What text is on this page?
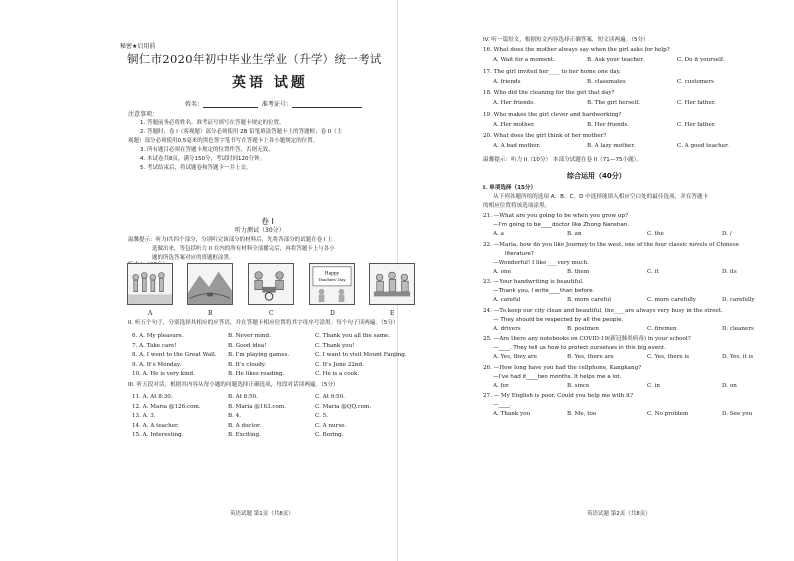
秘密★启用前
铜仁市2020年初中毕业生学业（升学）统一考试
英语 试题
姓名：	准考证号：
注意事项：
1. 答题前务必将姓名、准考证号填写在答题卡规定的位置。
2. 答题时，卷 I（客观题）部分必须使用 2B 铅笔填涂答题卡上的答题框；卷 II（主
观题）部分必须使用0.5毫米的黑色签字笔书写在答题卡上各小题规定的位置。
3. 所有题目必须在答题卡规定的位置作答，否则无效。
4. 本试卷共8页，满分150分，考试时间120分钟。
5. 考试结束后，将试题卷和答题卡一并上交。
卷 I
听力测试（30分）
温馨提示：听力I共四个部分，分别听完该部分的材料后，先将各部分的试题在卷 I 上
选做出来，等包括听力 II 在内的所有材料全部播完后，再将答题卡上与各小
题的所选答案对应的资题框涂黑。
Happy
Teachers' Day
A	B	C	D	E
英语试题 第1页（共8页）
II. 听五个句子，分别选择其相应的应答语，并在答题卡相应位置将其字母序号涂黑。每个句子读两遍。（5分）
6. A. My pleasure.	B. Never mind.	C. Thank you all the same.
7. A. Take care!	B. Good idea!	C. Thank you!
8. A. I went to the Great Wall. B. I'm playing games.	C. I want to visit Mount Fanjing.
9. A. It's Monday.	B. It's cloudy.	C. It's June 22nd.
10. A. He is very kind.	B. He likes reading.	C. He is a cook.
III. 听五段对话，根据其内容从每小题的问题选择正确选项，每段对话读两遍。（5分）
11. A. At 8:30.	B. At 8:50.	C. At 9:50.
12. A. Maria @126.com.	B. Maria @163.com.	C. Maria @QQ.com.
13. A. 3.	B. 4.	C. 5.
14. A. A teacher.	B. A doctor.	C. A nurse.
15. A. Interesting.	B. Exciting.	C. Boring.
IV. 听一篇短文，根据短文内容选择正确答案，短文读两遍。（5分）
16. What does the mother always say when the girl asks for help?
A. Wait for a moment.	B. Ask your teacher.	C. Do it yourself.
17. The girl invited her____ to her home one day.
A. friends	B. classmates	C. customers
18. Who did the cleaning for the girl that day?
A. Her friends.	B. The girl herself.	C. Her father.
19. Who makes the girl clever and hardworking?
A. Her mother.	B. Her friends.	C. Her father.
20. What does the girl think of her mother?
A. A bad mother.	B. A lazy mother.	C. A good teacher.
温馨提示：听力 II（10分） 本部分试题在卷 II（71—75小题）。
综合运用（40分）
I. 单项选择（15分）
从下列各题所给的选项 A、B、C、D 中选择能填入相应空白处的最佳选项，并在答题卡
的相应位置将该选项涂黑。
21. —What are you going to be when you grow up?
—I'm going to be____doctor like Zhong Nanshan.
A. a	B. an	C. the	D. /
22. —Maria, how do you like Journey to the west, one of the four classic novels of Chinese
literature?
—Wonderful! I like____very much.
A. one	B. them	C. it	D. its
23. —Your handwriting is beautiful.
—Thank you, I write____than before.
A. careful	B. more careful	C. more carefully	D. carefully
24. —To keep our city clean and beautiful, the____are always very busy in the street.
— They should be respected by all the people.
A. drivers	B. postmen	C. firemen	D. cleaners
25. —Are there any notebooks on COVID-19(新冠肺炎病毒) in your school?
—____. They tell us how to protect ourselves in this big event.
A. Yes, they are	B. Yes, there are	C. Yes, there is	D. Yes, it is
26. —How long have you had the cellphone, Kangkang?
—I've had it____two months. It helps me a lot.
A. for	B. since	C. in	D. on
27. — My English is poor. Could you help me with it?
—____.
A. Thank you	B. Me, too	C. No problem	D. See you
英语试题 第2页（共8页）
